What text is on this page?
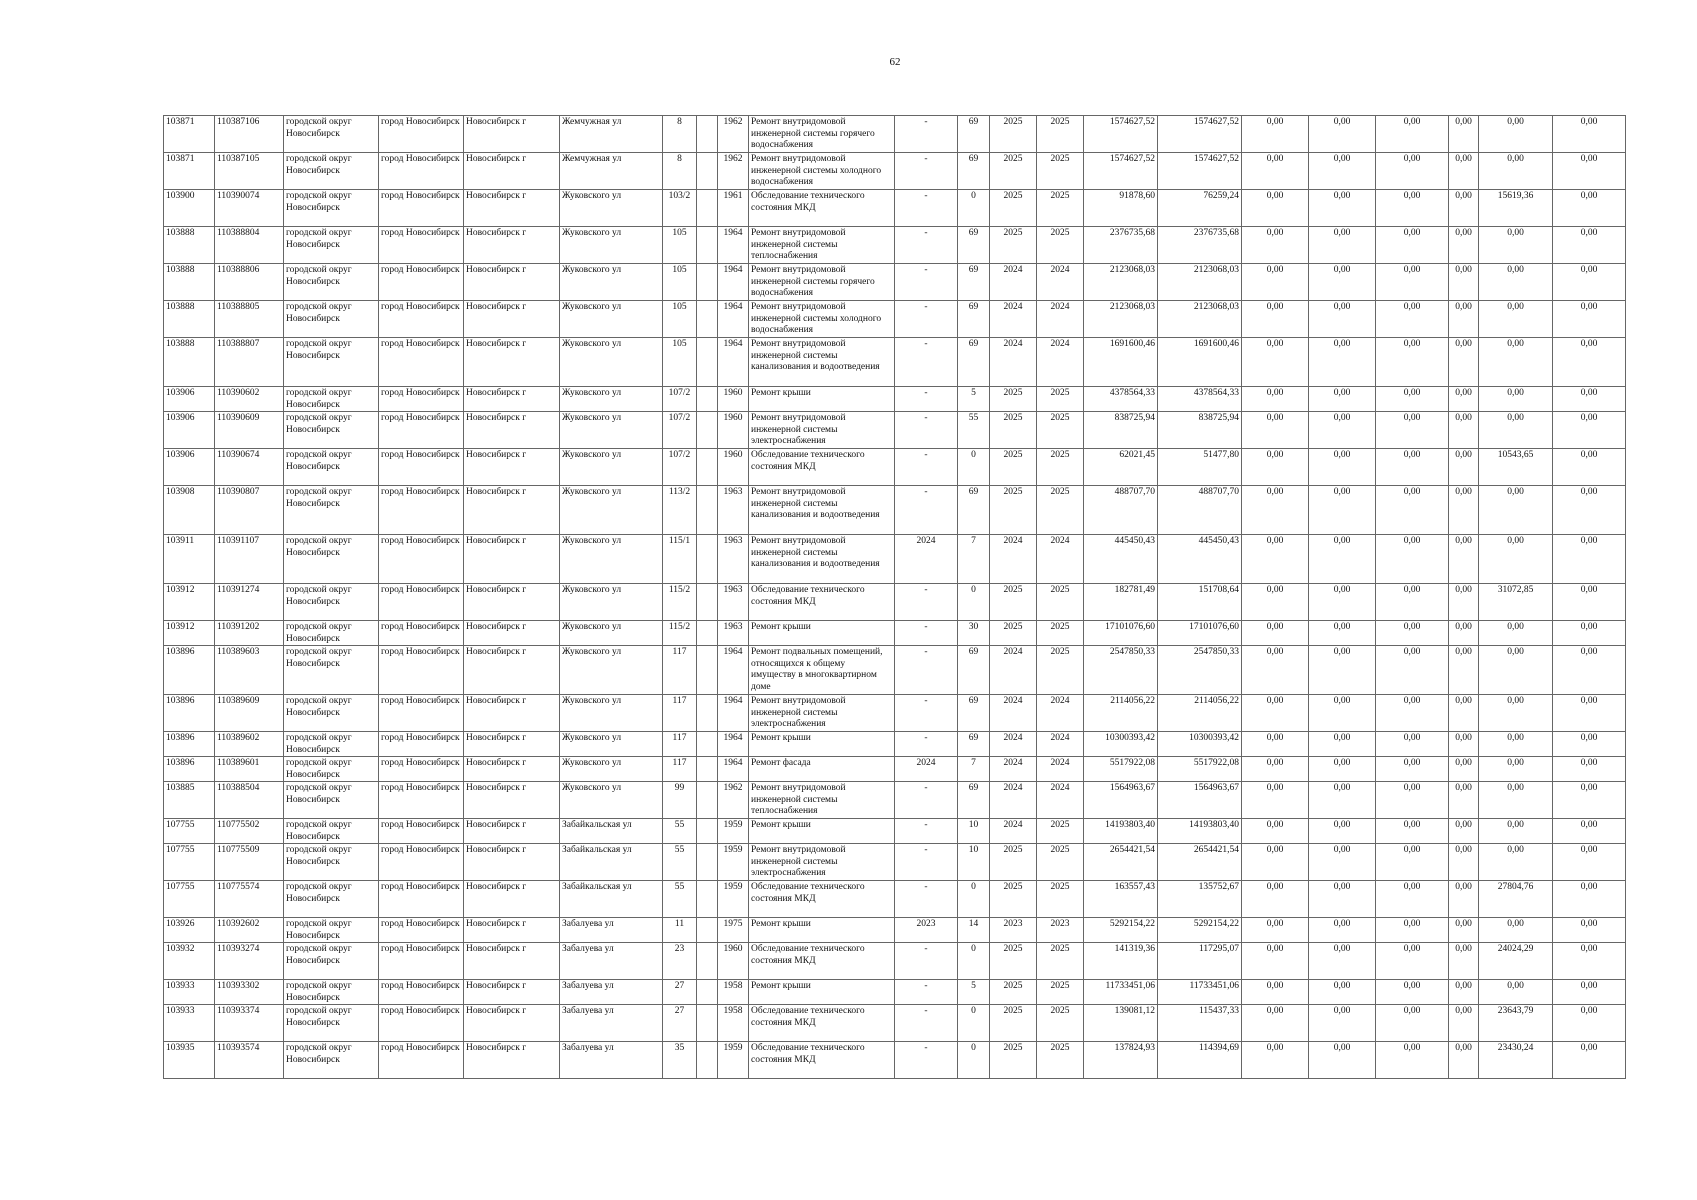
62
103871	110387106	городской округ Новосибирск	город Новосибирск	Новосибирск г	Жемчужная ул	8		1962	Ремонт внутридомовой инженерной системы горячего водоснабжения	-	69	2025	2025	1574627,52	1574627,52	0,00	0,00	0,00	0,00	0,00	0,00
103871	110387105	городской округ Новосибирск	город Новосибирск	Новосибирск г	Жемчужная ул	8		1962	Ремонт внутридомовой инженерной системы холодного водоснабжения	-	69	2025	2025	1574627,52	1574627,52	0,00	0,00	0,00	0,00	0,00	0,00
103900	110390074	городской округ Новосибирск	город Новосибирск	Новосибирск г	Жуковского ул	103/2		1961	Обследование технического состояния МКД	-	0	2025	2025	91878,60	76259,24	0,00	0,00	0,00	0,00	15619,36	0,00
103888	110388804	городской округ Новосибирск	город Новосибирск	Новосибирск г	Жуковского ул	105		1964	Ремонт внутридомовой инженерной системы теплоснабжения	-	69	2025	2025	2376735,68	2376735,68	0,00	0,00	0,00	0,00	0,00	0,00
103888	110388806	городской округ Новосибирск	город Новосибирск	Новосибирск г	Жуковского ул	105		1964	Ремонт внутридомовой инженерной системы горячего водоснабжения	-	69	2024	2024	2123068,03	2123068,03	0,00	0,00	0,00	0,00	0,00	0,00
103888	110388805	городской округ Новосибирск	город Новосибирск	Новосибирск г	Жуковского ул	105		1964	Ремонт внутридомовой инженерной системы холодного водоснабжения	-	69	2024	2024	2123068,03	2123068,03	0,00	0,00	0,00	0,00	0,00	0,00
103888	110388807	городской округ Новосибирск	город Новосибирск	Новосибирск г	Жуковского ул	105		1964	Ремонт внутридомовой инженерной системы канализования и водоотведения	-	69	2024	2024	1691600,46	1691600,46	0,00	0,00	0,00	0,00	0,00	0,00
103906	110390602	городской округ Новосибирск	город Новосибирск	Новосибирск г	Жуковского ул	107/2		1960	Ремонт крыши	-	5	2025	2025	4378564,33	4378564,33	0,00	0,00	0,00	0,00	0,00	0,00
103906	110390609	городской округ Новосибирск	город Новосибирск	Новосибирск г	Жуковского ул	107/2		1960	Ремонт внутридомовой инженерной системы электроснабжения	-	55	2025	2025	838725,94	838725,94	0,00	0,00	0,00	0,00	0,00	0,00
103906	110390674	городской округ Новосибирск	город Новосибирск	Новосибирск г	Жуковского ул	107/2		1960	Обследование технического состояния МКД	-	0	2025	2025	62021,45	51477,80	0,00	0,00	0,00	0,00	10543,65	0,00
103908	110390807	городской округ Новосибирск	город Новосибирск	Новосибирск г	Жуковского ул	113/2		1963	Ремонт внутридомовой инженерной системы канализования и водоотведения	-	69	2025	2025	488707,70	488707,70	0,00	0,00	0,00	0,00	0,00	0,00
103911	110391107	городской округ Новосибирск	город Новосибирск	Новосибирск г	Жуковского ул	115/1		1963	Ремонт внутридомовой инженерной системы канализования и водоотведения	2024	7	2024	2024	445450,43	445450,43	0,00	0,00	0,00	0,00	0,00	0,00
103912	110391274	городской округ Новосибирск	город Новосибирск	Новосибирск г	Жуковского ул	115/2		1963	Обследование технического состояния МКД	-	0	2025	2025	182781,49	151708,64	0,00	0,00	0,00	0,00	31072,85	0,00
103912	110391202	городской округ Новосибирск	город Новосибирск	Новосибирск г	Жуковского ул	115/2		1963	Ремонт крыши	-	30	2025	2025	17101076,60	17101076,60	0,00	0,00	0,00	0,00	0,00	0,00
103896	110389603	городской округ Новосибирск	город Новосибирск	Новосибирск г	Жуковского ул	117		1964	Ремонт подвальных помещений, относящихся к общему имуществу в многоквартирном доме	-	69	2024	2025	2547850,33	2547850,33	0,00	0,00	0,00	0,00	0,00	0,00
103896	110389609	городской округ Новосибирск	город Новосибирск	Новосибирск г	Жуковского ул	117		1964	Ремонт внутридомовой инженерной системы электроснабжения	-	69	2024	2024	2114056,22	2114056,22	0,00	0,00	0,00	0,00	0,00	0,00
103896	110389602	городской округ Новосибирск	город Новосибирск	Новосибирск г	Жуковского ул	117		1964	Ремонт крыши	-	69	2024	2024	10300393,42	10300393,42	0,00	0,00	0,00	0,00	0,00	0,00
103896	110389601	городской округ Новосибирск	город Новосибирск	Новосибирск г	Жуковского ул	117		1964	Ремонт фасада	2024	7	2024	2024	5517922,08	5517922,08	0,00	0,00	0,00	0,00	0,00	0,00
103885	110388504	городской округ Новосибирск	город Новосибирск	Новосибирск г	Жуковского ул	99		1962	Ремонт внутридомовой инженерной системы теплоснабжения	-	69	2024	2024	1564963,67	1564963,67	0,00	0,00	0,00	0,00	0,00	0,00
107755	110775502	городской округ Новосибирск	город Новосибирск	Новосибирск г	Забайкальская ул	55		1959	Ремонт крыши	-	10	2024	2025	14193803,40	14193803,40	0,00	0,00	0,00	0,00	0,00	0,00
107755	110775509	городской округ Новосибирск	город Новосибирск	Новосибирск г	Забайкальская ул	55		1959	Ремонт внутридомовой инженерной системы электроснабжения	-	10	2025	2025	2654421,54	2654421,54	0,00	0,00	0,00	0,00	0,00	0,00
107755	110775574	городской округ Новосибирск	город Новосибирск	Новосибирск г	Забайкальская ул	55		1959	Обследование технического состояния МКД	-	0	2025	2025	163557,43	135752,67	0,00	0,00	0,00	0,00	27804,76	0,00
103926	110392602	городской округ Новосибирск	город Новосибирск	Новосибирск г	Забалуева ул	11		1975	Ремонт крыши	2023	14	2023	2023	5292154,22	5292154,22	0,00	0,00	0,00	0,00	0,00	0,00
103932	110393274	городской округ Новосибирск	город Новосибирск	Новосибирск г	Забалуева ул	23		1960	Обследование технического состояния МКД	-	0	2025	2025	141319,36	117295,07	0,00	0,00	0,00	0,00	24024,29	0,00
103933	110393302	городской округ Новосибирск	город Новосибирск	Новосибирск г	Забалуева ул	27		1958	Ремонт крыши	-	5	2025	2025	11733451,06	11733451,06	0,00	0,00	0,00	0,00	0,00	0,00
103933	110393374	городской округ Новосибирск	город Новосибирск	Новосибирск г	Забалуева ул	27		1958	Обследование технического состояния МКД	-	0	2025	2025	139081,12	115437,33	0,00	0,00	0,00	0,00	23643,79	0,00
103935	110393574	городской округ Новосибирск	город Новосибирск	Новосибирск г	Забалуева ул	35		1959	Обследование технического состояния МКД	-	0	2025	2025	137824,93	114394,69	0,00	0,00	0,00	0,00	23430,24	0,00
